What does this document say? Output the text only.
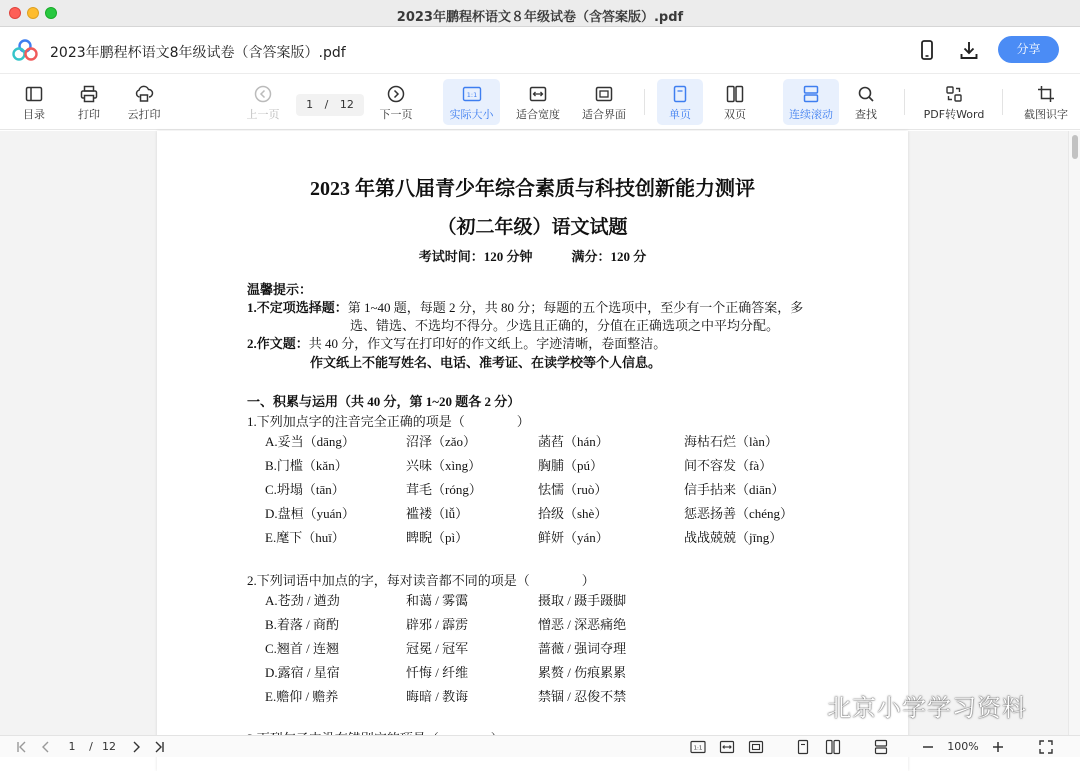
2023年鹏程杯语文８年级试卷（含答案版）.pdf
2023年鹏程杯语文8年级试卷（含答案版）.pdf	分享
目录	打印	云打印	上一页
1 / 12
下一页
1:1
实际大小	适合宽度	适合界面	单页	双页	连续滚动	查找	PDF转Word	截图识字
2023 年第八届青少年综合素质与科技创新能力测评
（初二年级）语文试题
考试时间：120 分钟　　　满分：120 分
温馨提示：
1.不定项选择题：第 1~40 题，每题 2 分，共 80 分；每题的五个选项中，至少有一个正确答案，多
选、错选、不选均不得分。少选且正确的，分值在正确选项之中平均分配。
2.作文题：共 40 分，作文写在打印好的作文纸上。字迹清晰，卷面整洁。
作文纸上不能写姓名、电话、准考证、在读学校等个人信息。
一、积累与运用（共 40 分，第 1~20 题各 2 分）
1.下列加点字的注音完全正确的项是（　　　　）
A.妥当（dāng）	沼泽（zǎo）	菡萏（hán）	海枯石烂（làn）
B.门槛（kǎn）	兴味（xìng）	胸脯（pú）	间不容发（fà）
C.坍塌（tān）	茸毛（róng）	怯懦（ruò）	信手拈来（diān）
D.盘桓（yuán）	褴褛（lǚ）	拾级（shè）	惩恶扬善（chéng）
E.麾下（huī）	睥睨（pì）	鲜妍（yán）	战战兢兢（jīng）
2.下列词语中加点的字，每对读音都不同的项是（　　　　）
A.苍劲 / 遒劲	和蔼 / 雾霭	摄取 / 蹑手蹑脚
B.着落 / 商酌	辟邪 / 霹雳	憎恶 / 深恶痛绝
C.翘首 / 连翘	冠冕 / 冠军	蔷薇 / 强词夺理
D.露宿 / 星宿	忏悔 / 纤维	累赘 / 伤痕累累
E.赡仰 / 赡养	晦暗 / 教诲	禁锢 / 忍俊不禁	北京小学学习资料
1 / 12	1:1	100%
